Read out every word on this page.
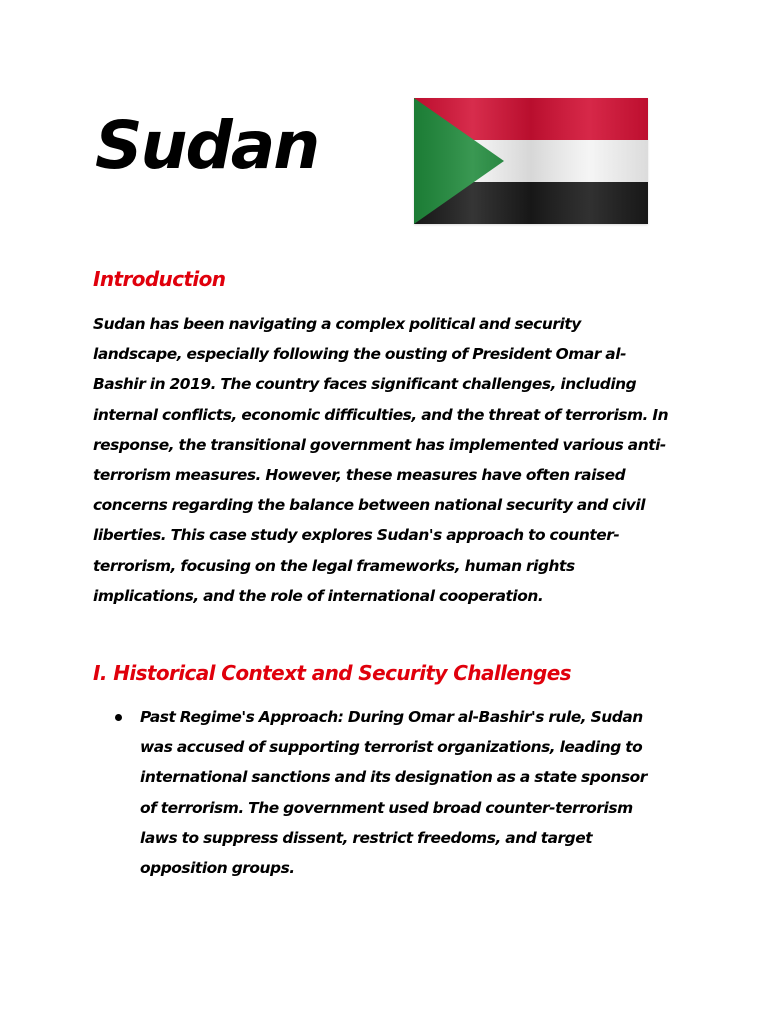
Sudan
Introduction

Sudan has been navigating a complex political and security landscape, especially following the ousting of President Omar al-Bashir in 2019. The country faces significant challenges, including internal conflicts, economic difficulties, and the threat of terrorism. In response, the transitional government has implemented various anti-terrorism measures. However, these measures have often raised concerns regarding the balance between national security and civil liberties. This case study explores Sudan's approach to counter-terrorism, focusing on the legal frameworks, human rights implications, and the role of international cooperation.

I. Historical Context and Security Challenges
Past Regime's Approach: During Omar al-Bashir's rule, Sudan was accused of supporting terrorist organizations, leading to international sanctions and its designation as a state sponsor of terrorism. The government used broad counter-terrorism laws to suppress dissent, restrict freedoms, and target opposition groups.
